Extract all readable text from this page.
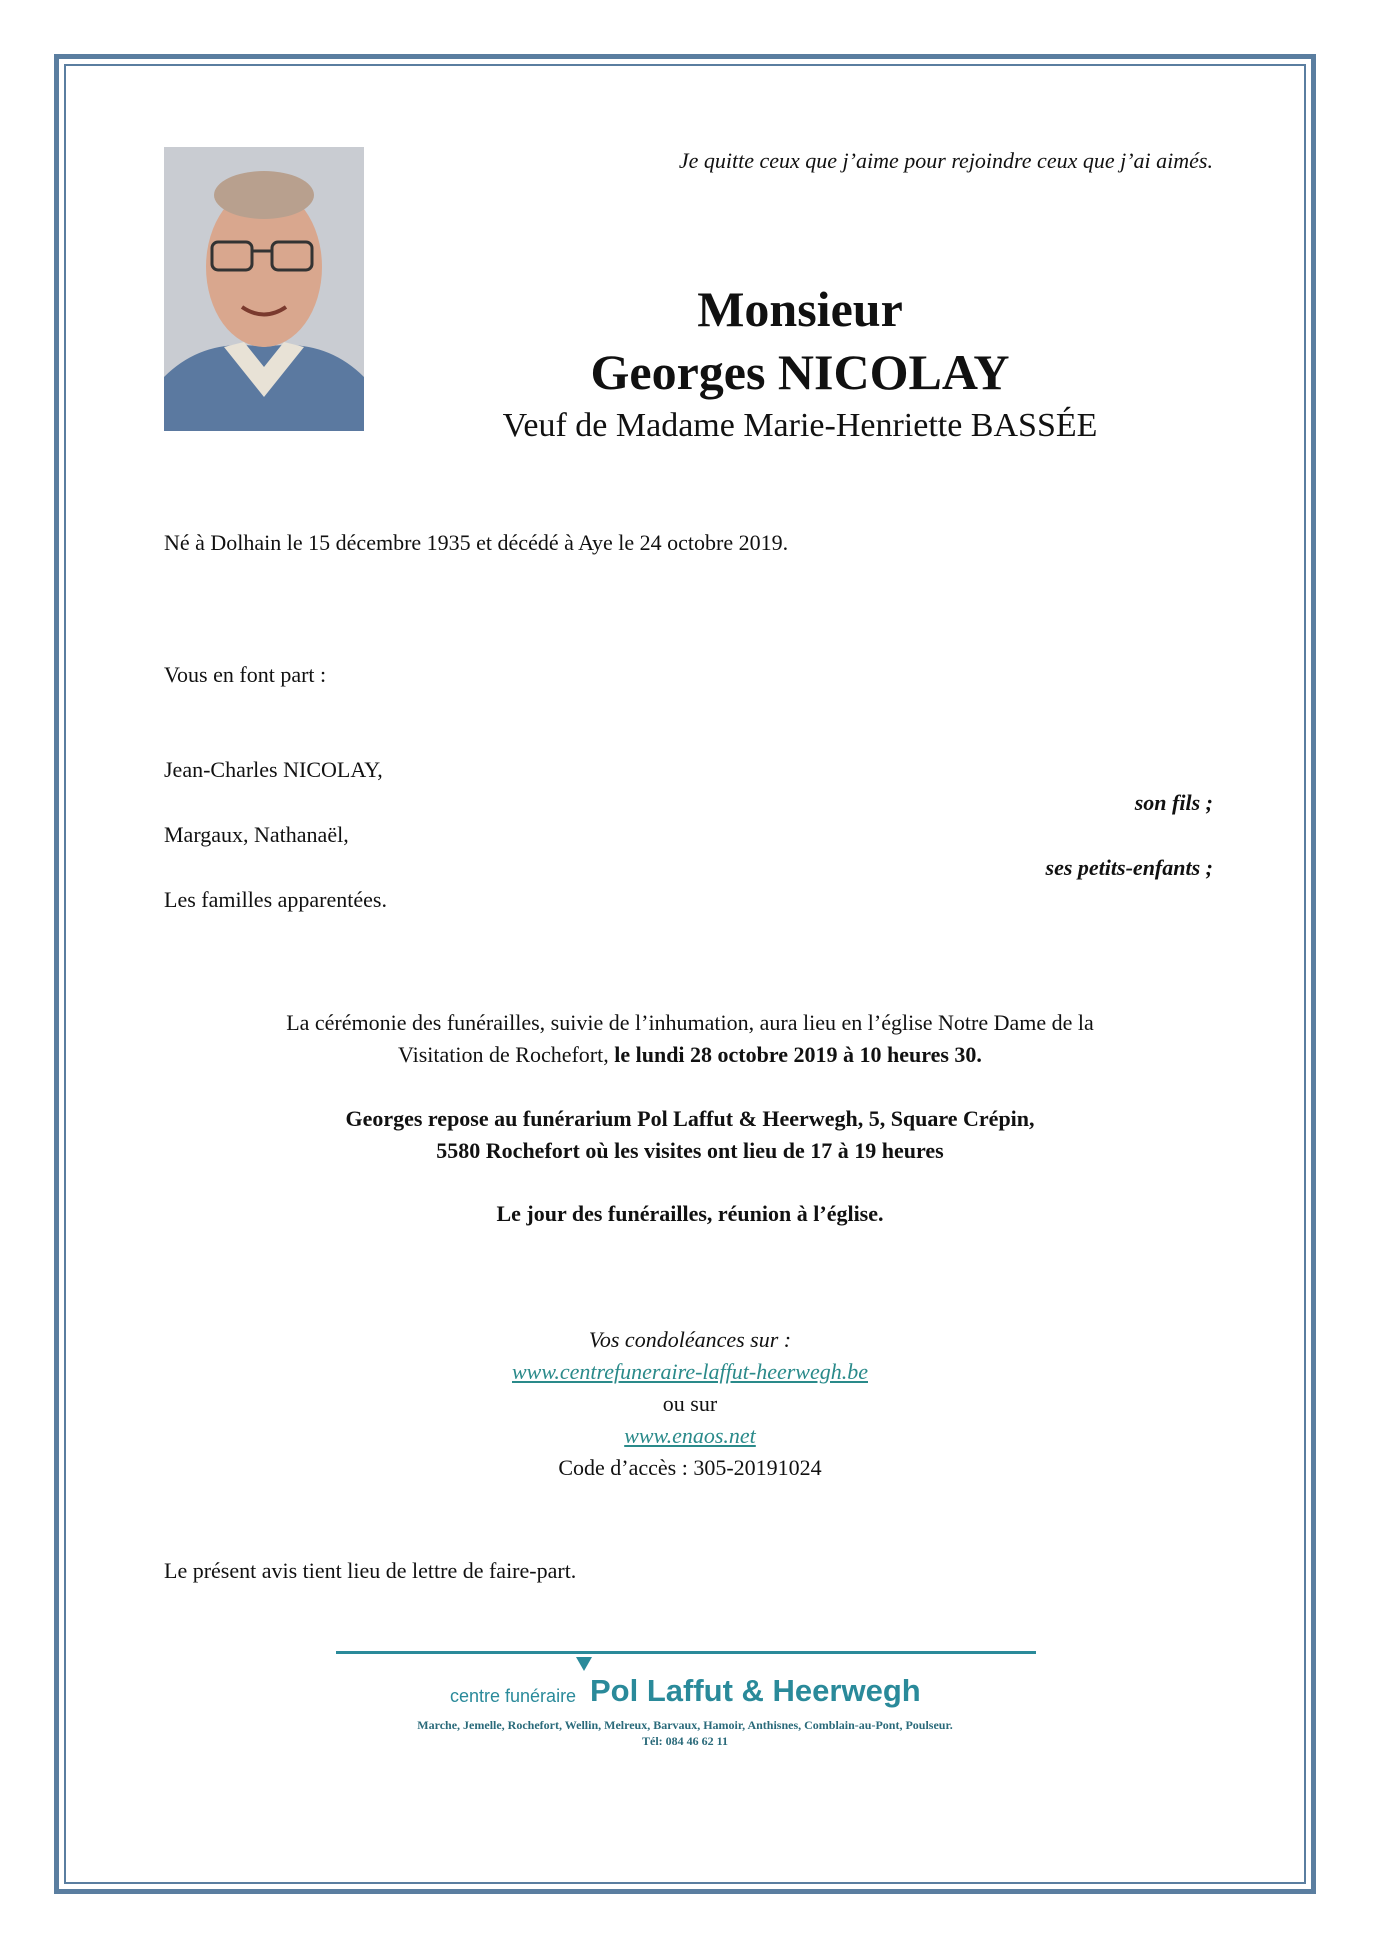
Je quitte ceux que j’aime pour rejoindre ceux que j’ai aimés.
Monsieur
Georges NICOLAY
Veuf de Madame Marie-Henriette BASSÉE
Né à Dolhain le 15 décembre 1935 et décédé à Aye le 24 octobre 2019.
Vous en font part :
Jean-Charles NICOLAY,
son fils ;
Margaux, Nathanaël,
ses petits-enfants ;
Les familles apparentées.
La cérémonie des funérailles, suivie de l’inhumation, aura lieu en l’église Notre Dame de la
Visitation de Rochefort, le lundi 28 octobre 2019 à 10 heures 30.
Georges repose au funérarium Pol Laffut & Heerwegh, 5, Square Crépin,
5580 Rochefort où les visites ont lieu de 17 à 19 heures
Le jour des funérailles, réunion à l’église.
Vos condoléances sur :
www.centrefuneraire-laffut-heerwegh.be
ou sur
www.enaos.net
Code d’accès : 305-20191024
Le présent avis tient lieu de lettre de faire-part.
centre funéraire Pol Laffut & Heerwegh
Marche, Jemelle, Rochefort, Wellin, Melreux, Barvaux, Hamoir, Anthisnes, Comblain-au-Pont, Poulseur.
Tél: 084 46 62 11
